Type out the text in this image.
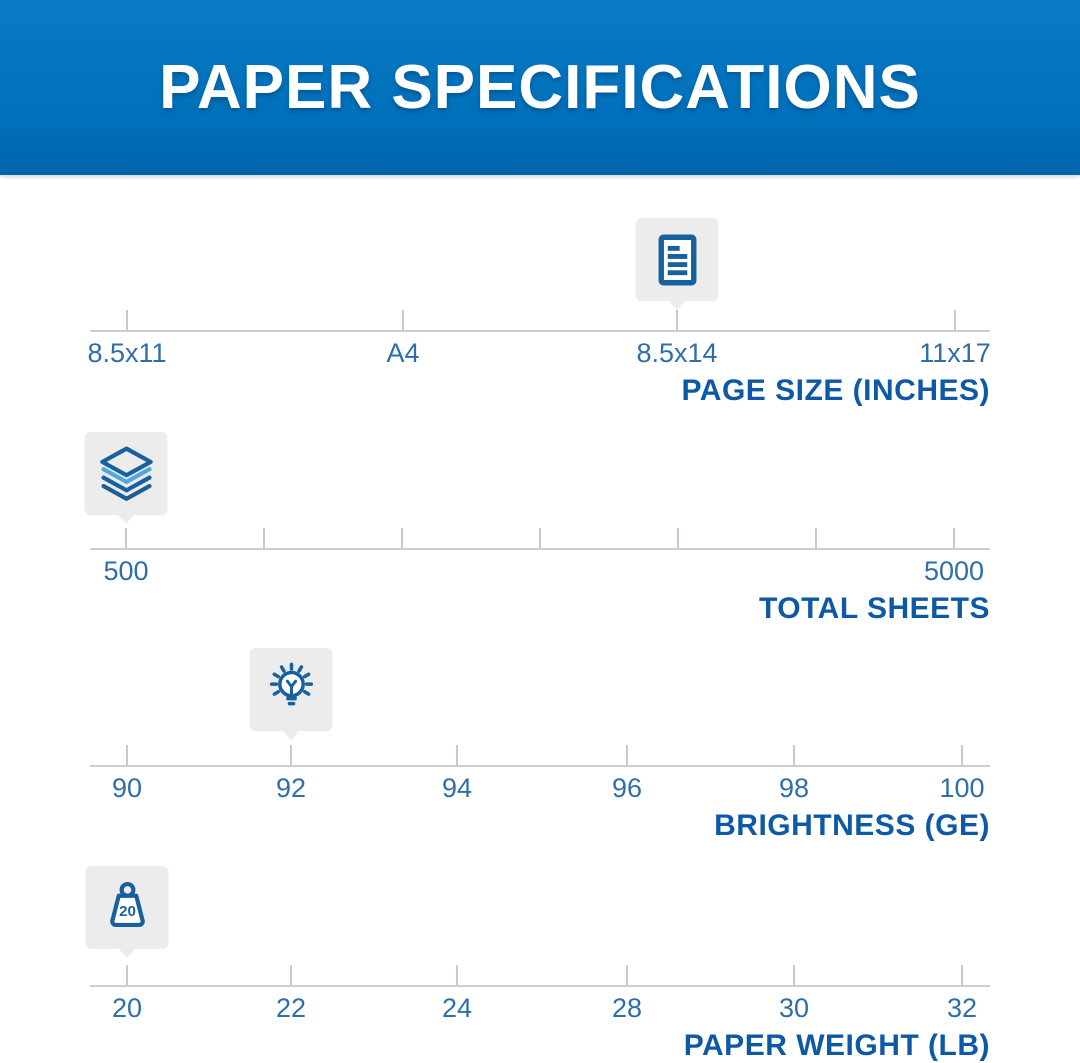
PAPER SPECIFICATIONS
8.5x11	A4	8.5x14	11x17
PAGE SIZE (INCHES)
500	5000
TOTAL SHEETS
90	92	94	96	98	100
BRIGHTNESS (GE)
20	22	24	28	30	32
PAPER WEIGHT (LB)
20
